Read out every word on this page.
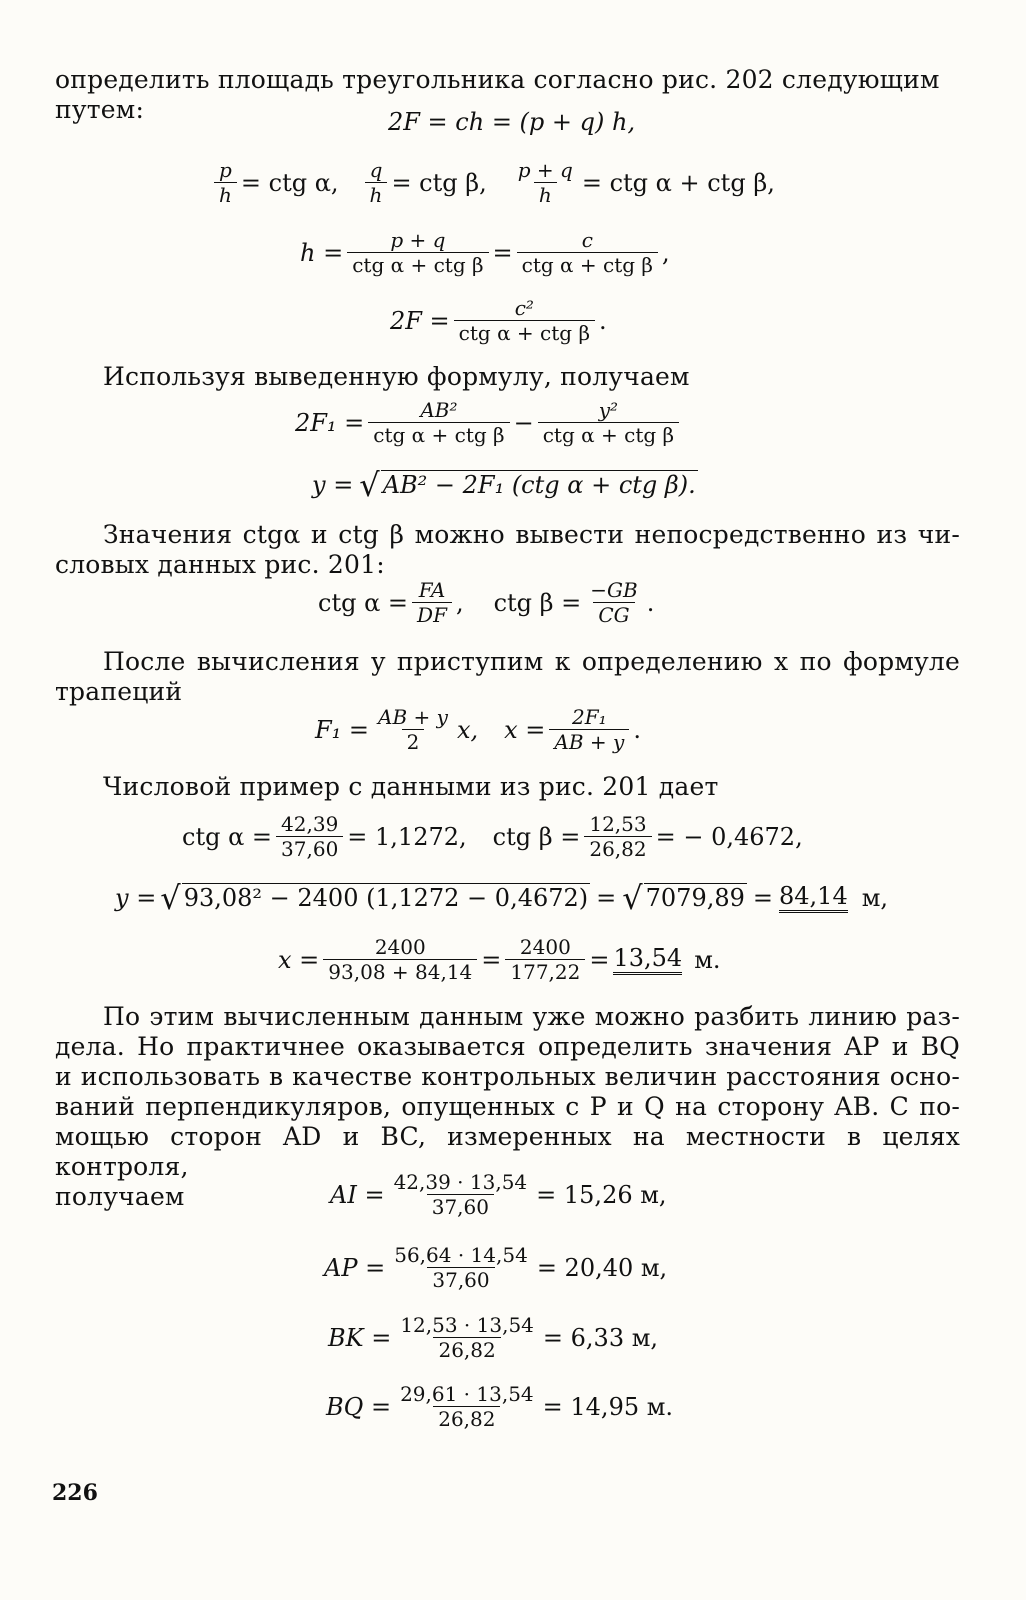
определить площадь треугольника согласно рис. 202 следующим путем:	2F = ch = (p + q) h,
$\frac{p}{h}$ = ctg α, $\frac{q}{h}$ = ctg β, $\frac{p + q}{h}$ = ctg α + ctg β,
$h = \frac{p + q}{\text{ctg α + ctg β}} = \frac{c}{\text{ctg α + ctg β}}$ ,
$2F = \frac{\text{c²}}{\text{ctg α + ctg β}}$ .
Используя выведенную формулу, получаем
$2F_1 = \frac{\text{AB²}}{\text{ctg α + ctg β}} - \frac{\text{y²}}{\text{ctg α + ctg β}}$
y = √ AB² − 2F₁ (ctg α + ctg β).
Значения ctgα и ctg β можно вывести непосредственно из чи-
словых данных рис. 201:
ctg $\alpha = \frac{FA}{DF}$ , ctg $\beta = \frac{-GB}{CG}$ .
После вычисления y приступим к определению x по формуле
трапеций
$F_1 = \frac{AB + y}{2} x$, $x = \frac{\text{2F₁}}{AB + y}$ .
Числовой пример с данными из рис. 201 дает
ctg $\alpha = \frac{42,39}{37,60} = 1,1272$, ctg $\beta = \frac{12,53}{26,82}$ = − 0,4672,
y = √ 93,08² − 2400 (1,1272 − 0,4672) = √ 7079,89 = 84,14 м,
$x = \frac{2400}{93,08 + 84,14} = \frac{2400}{177,22} = 13,54$ м.
По этим вычисленным данным уже можно разбить линию раз-
дела. Но практичнее оказывается определить значения AP и BQ
и использовать в качестве контрольных величин расстояния осно-
ваний перпендикуляров, опущенных с P и Q на сторону AB. С по-
мощью сторон AD и BC, измеренных на местности в целях контроля,
получаем	AI = $\frac{42,39 \cdot 13,54}{37,60} = 15,26$ м,
AP = $\frac{56,64 \cdot 14,54}{37,60} = 20,40$ м,
BK = $\frac{12,53 \cdot 13,54}{26,82} = 6,33$ м,
BQ = $\frac{29,61 \cdot 13,54}{26,82} = 14,95$ м.
226
